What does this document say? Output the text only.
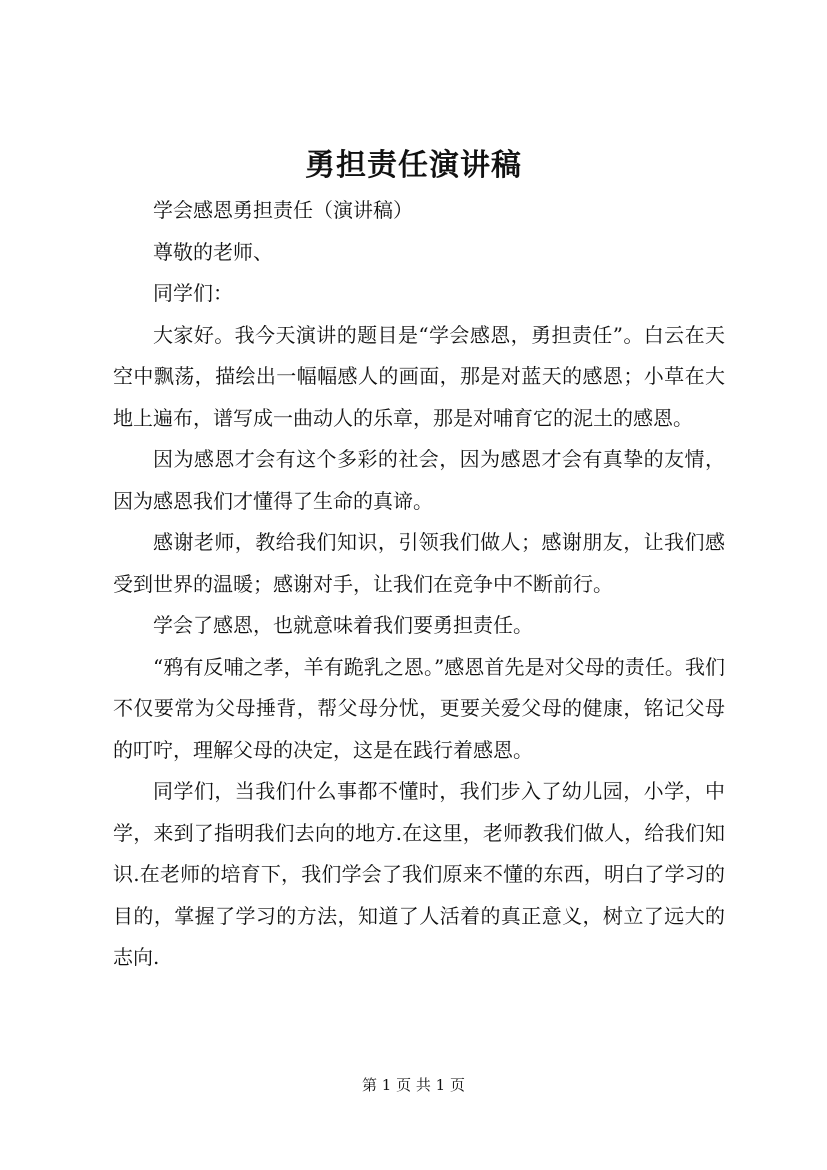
勇担责任演讲稿

学会感恩勇担责任（演讲稿）

尊敬的老师、

同学们：

大家好。我今天演讲的题目是“学会感恩，勇担责任”。白云在天空中飘荡，描绘出一幅幅感人的画面，那是对蓝天的感恩；小草在大地上遍布，谱写成一曲动人的乐章，那是对哺育它的泥土的感恩。

因为感恩才会有这个多彩的社会，因为感恩才会有真挚的友情，因为感恩我们才懂得了生命的真谛。

感谢老师，教给我们知识，引领我们做人；感谢朋友，让我们感受到世界的温暖；感谢对手，让我们在竞争中不断前行。

学会了感恩，也就意味着我们要勇担责任。

“鸦有反哺之孝，羊有跪乳之恩。”感恩首先是对父母的责任。我们不仅要常为父母捶背，帮父母分忧，更要关爱父母的健康，铭记父母的叮咛，理解父母的决定，这是在践行着感恩。

同学们，当我们什么事都不懂时，我们步入了幼儿园，小学，中学，来到了指明我们去向的地方.在这里，老师教我们做人，给我们知识.在老师的培育下，我们学会了我们原来不懂的东西，明白了学习的目的，掌握了学习的方法，知道了人活着的真正意义，树立了远大的志向.

第 1 页 共 1 页
